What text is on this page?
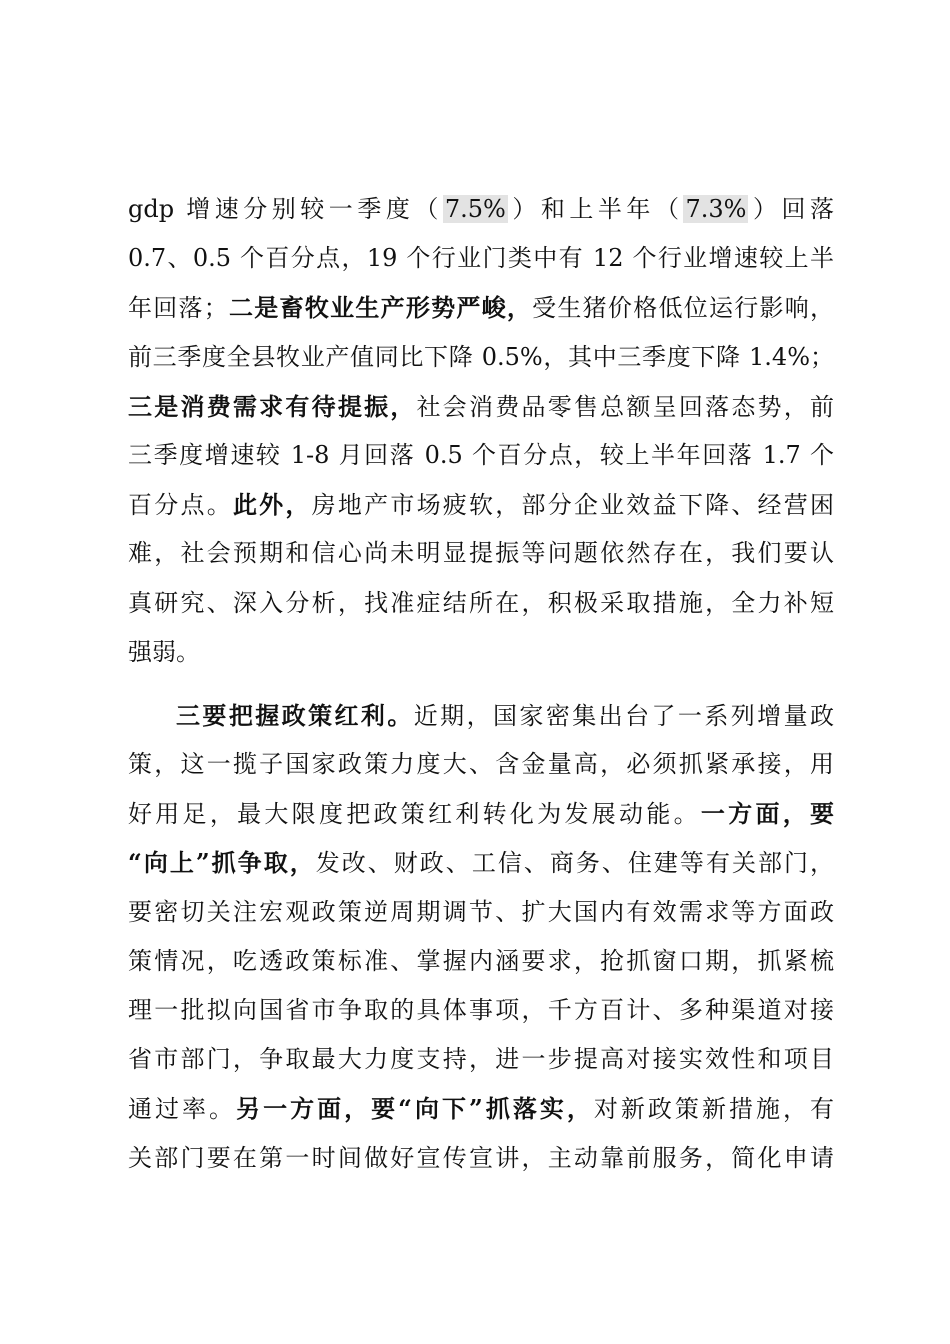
gdp 增速分别较一季度（7.5%）和上半年（7.3%）回落
0.7、0.5 个百分点，19 个行业门类中有 12 个行业增速较上半
年回落；二是畜牧业生产形势严峻，受生猪价格低位运行影响，
前三季度全县牧业产值同比下降 0.5%，其中三季度下降 1.4%；
三是消费需求有待提振，社会消费品零售总额呈回落态势，前
三季度增速较 1-8 月回落 0.5 个百分点，较上半年回落 1.7 个
百分点。此外，房地产市场疲软，部分企业效益下降、经营困
难，社会预期和信心尚未明显提振等问题依然存在，我们要认
真研究、深入分析，找准症结所在，积极采取措施，全力补短
强弱。
三要把握政策红利。近期，国家密集出台了一系列增量政
策，这一揽子国家政策力度大、含金量高，必须抓紧承接，用
好用足，最大限度把政策红利转化为发展动能。一方面，要
“向上”抓争取，发改、财政、工信、商务、住建等有关部门，
要密切关注宏观政策逆周期调节、扩大国内有效需求等方面政
策情况，吃透政策标准、掌握内涵要求，抢抓窗口期，抓紧梳
理一批拟向国省市争取的具体事项，千方百计、多种渠道对接
省市部门，争取最大力度支持，进一步提高对接实效性和项目
通过率。另一方面，要“向下”抓落实，对新政策新措施，有
关部门要在第一时间做好宣传宣讲，主动靠前服务，简化申请
